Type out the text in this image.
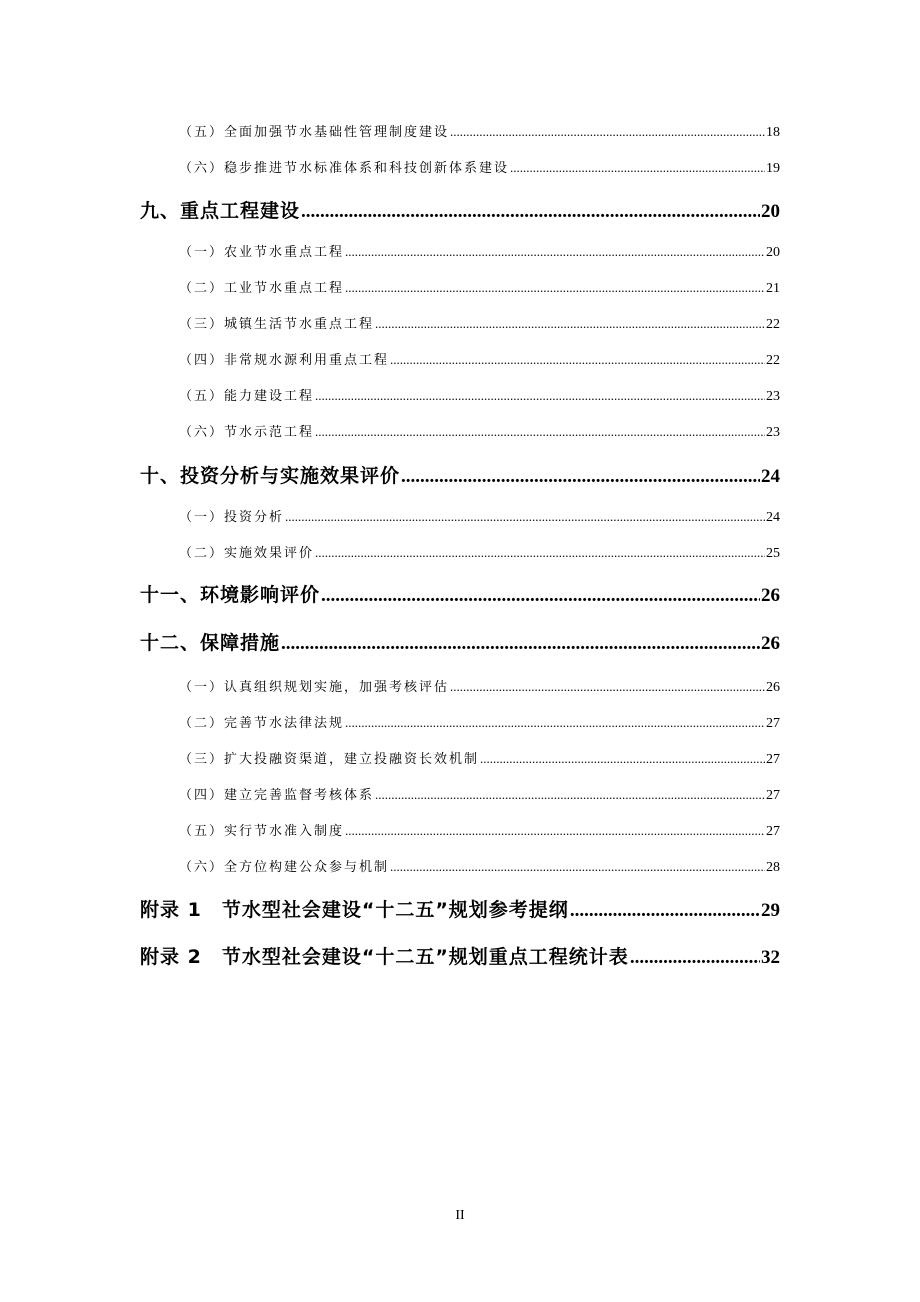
（五）全面加强节水基础性管理制度建设 .....	18
（六）稳步推进节水标准体系和科技创新体系建设 .....	19
九、重点工程建设 .....	20
（一）农业节水重点工程 .....	20
（二）工业节水重点工程 .....	21
（三）城镇生活节水重点工程 .....	22
（四）非常规水源利用重点工程 .....	22
（五）能力建设工程 .....	23
（六）节水示范工程 .....	23
十、投资分析与实施效果评价 .....	24
（一）投资分析 .....	24
（二）实施效果评价 .....	25
十一、环境影响评价 .....	26
十二、保障措施 .....	26
（一）认真组织规划实施，加强考核评估 .....	26
（二）完善节水法律法规 .....	27
（三）扩大投融资渠道，建立投融资长效机制 .....	27
（四）建立完善监督考核体系 .....	27
（五）实行节水准入制度 .....	27
（六）全方位构建公众参与机制 .....	28
附录 1　节水型社会建设“十二五”规划参考提纲 .....	29
附录 2　节水型社会建设“十二五”规划重点工程统计表 .....	32
II
